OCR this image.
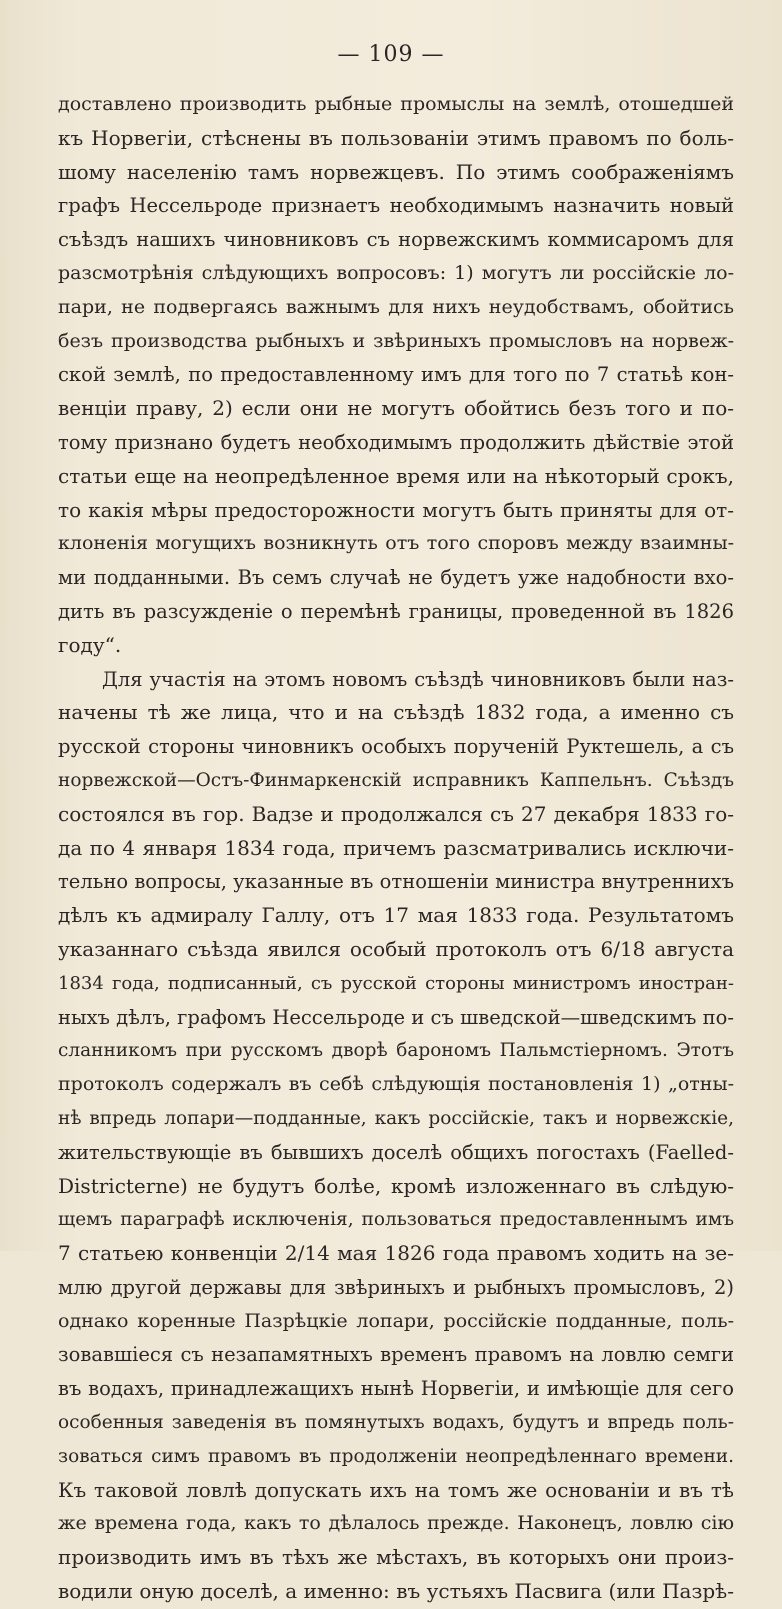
— 109 —
доставлено производить рыбные промыслы на землѣ, отошедшей
къ Норвегіи, стѣснены въ пользованіи этимъ правомъ по боль-
шому населенію тамъ норвежцевъ. По этимъ соображеніямъ
графъ Нессельроде признаетъ необходимымъ назначить новый
съѣздъ нашихъ чиновниковъ съ норвежскимъ коммисаромъ для
разсмотрѣнія слѣдующихъ вопросовъ: 1) могутъ ли россійскіе ло-
пари, не подвергаясь важнымъ для нихъ неудобствамъ, обойтись
безъ производства рыбныхъ и звѣриныхъ промысловъ на норвеж-
ской землѣ, по предоставленному имъ для того по 7 статьѣ кон-
венціи праву, 2) если они не могутъ обойтись безъ того и по-
тому признано будетъ необходимымъ продолжить дѣйствіе этой
статьи еще на неопредѣленное время или на нѣкоторый срокъ,
то какія мѣры предосторожности могутъ быть приняты для от-
клоненія могущихъ возникнуть отъ того споровъ между взаимны-
ми подданными. Въ семъ случаѣ не будетъ уже надобности вхо-
дить въ разсужденіе о перемѣнѣ границы, проведенной въ 1826
году“.
Для участія на этомъ новомъ съѣздѣ чиновниковъ были наз-
начены тѣ же лица, что и на съѣздѣ 1832 года, а именно съ
русской стороны чиновникъ особыхъ порученій Руктешель, а съ
норвежской—Остъ-Финмаркенскій исправникъ Каппельнъ. Съѣздъ
состоялся въ гор. Вадзе и продолжался съ 27 декабря 1833 го-
да по 4 января 1834 года, причемъ разсматривались исключи-
тельно вопросы, указанные въ отношеніи министра внутреннихъ
дѣлъ къ адмиралу Галлу, отъ 17 мая 1833 года. Результатомъ
указаннаго съѣзда явился особый протоколъ отъ 6/18 августа
1834 года, подписанный, съ русской стороны министромъ иностран-
ныхъ дѣлъ, графомъ Нессельроде и съ шведской—шведскимъ по-
сланникомъ при русскомъ дворѣ барономъ Пальмстіерномъ. Этотъ
протоколъ содержалъ въ себѣ слѣдующія постановленія 1) „отны-
нѣ впредь лопари—подданные, какъ россійскіе, такъ и норвежскіе,
жительствующіе въ бывшихъ доселѣ общихъ погостахъ (Faelled-
Districterne) не будутъ болѣе, кромѣ изложеннаго въ слѣдую-
щемъ параграфѣ исключенія, пользоваться предоставленнымъ имъ
7 статьею конвенціи 2/14 мая 1826 года правомъ ходить на зе-
млю другой державы для звѣриныхъ и рыбныхъ промысловъ, 2)
однако коренные Пазрѣцкіе лопари, россійскіе подданные, поль-
зовавшіеся съ незапамятныхъ временъ правомъ на ловлю семги
въ водахъ, принадлежащихъ нынѣ Норвегіи, и имѣющіе для сего
особенныя заведенія въ помянутыхъ водахъ, будутъ и впредь поль-
зоваться симъ правомъ въ продолженіи неопредѣленнаго времени.
Къ таковой ловлѣ допускать ихъ на томъ же основаніи и въ тѣ
же времена года, какъ то дѣлалось прежде. Наконецъ, ловлю сію
производить имъ въ тѣхъ же мѣстахъ, въ которыхъ они произ-
водили оную доселѣ, а именно: въ устьяхъ Пасвига (или Пазрѣ-
